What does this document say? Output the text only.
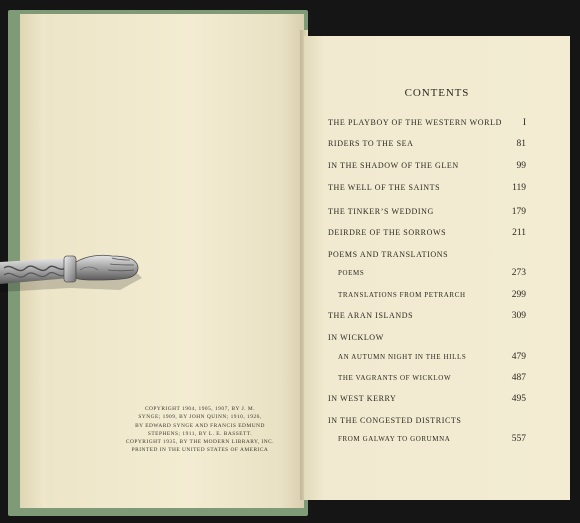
CONTENTS
THE PLAYBOY OF THE WESTERN WORLD I
RIDERS TO THE SEA	81
IN THE SHADOW OF THE GLEN	99
THE WELL OF THE SAINTS	119
THE TINKER’S WEDDING	179
DEIRDRE OF THE SORROWS	211
POEMS AND TRANSLATIONS
POEMS	273
TRANSLATIONS FROM PETRARCH	299
THE ARAN ISLANDS	309
IN WICKLOW
AN AUTUMN NIGHT IN THE HILLS	479
THE VAGRANTS OF WICKLOW	487
IN WEST KERRY	495
IN THE CONGESTED DISTRICTS
FROM GALWAY TO GORUMNA	557
COPYRIGHT 1904, 1905, 1907, BY J. M.
SYNGE; 1909, BY JOHN QUINN; 1910, 1926,
BY EDWARD SYNGE AND FRANCIS EDMUND
STEPHENS; 1911, BY L. E. BASSETT.
COPYRIGHT 1935, BY THE MODERN LIBRARY, INC.
PRINTED IN THE UNITED STATES OF AMERICA
